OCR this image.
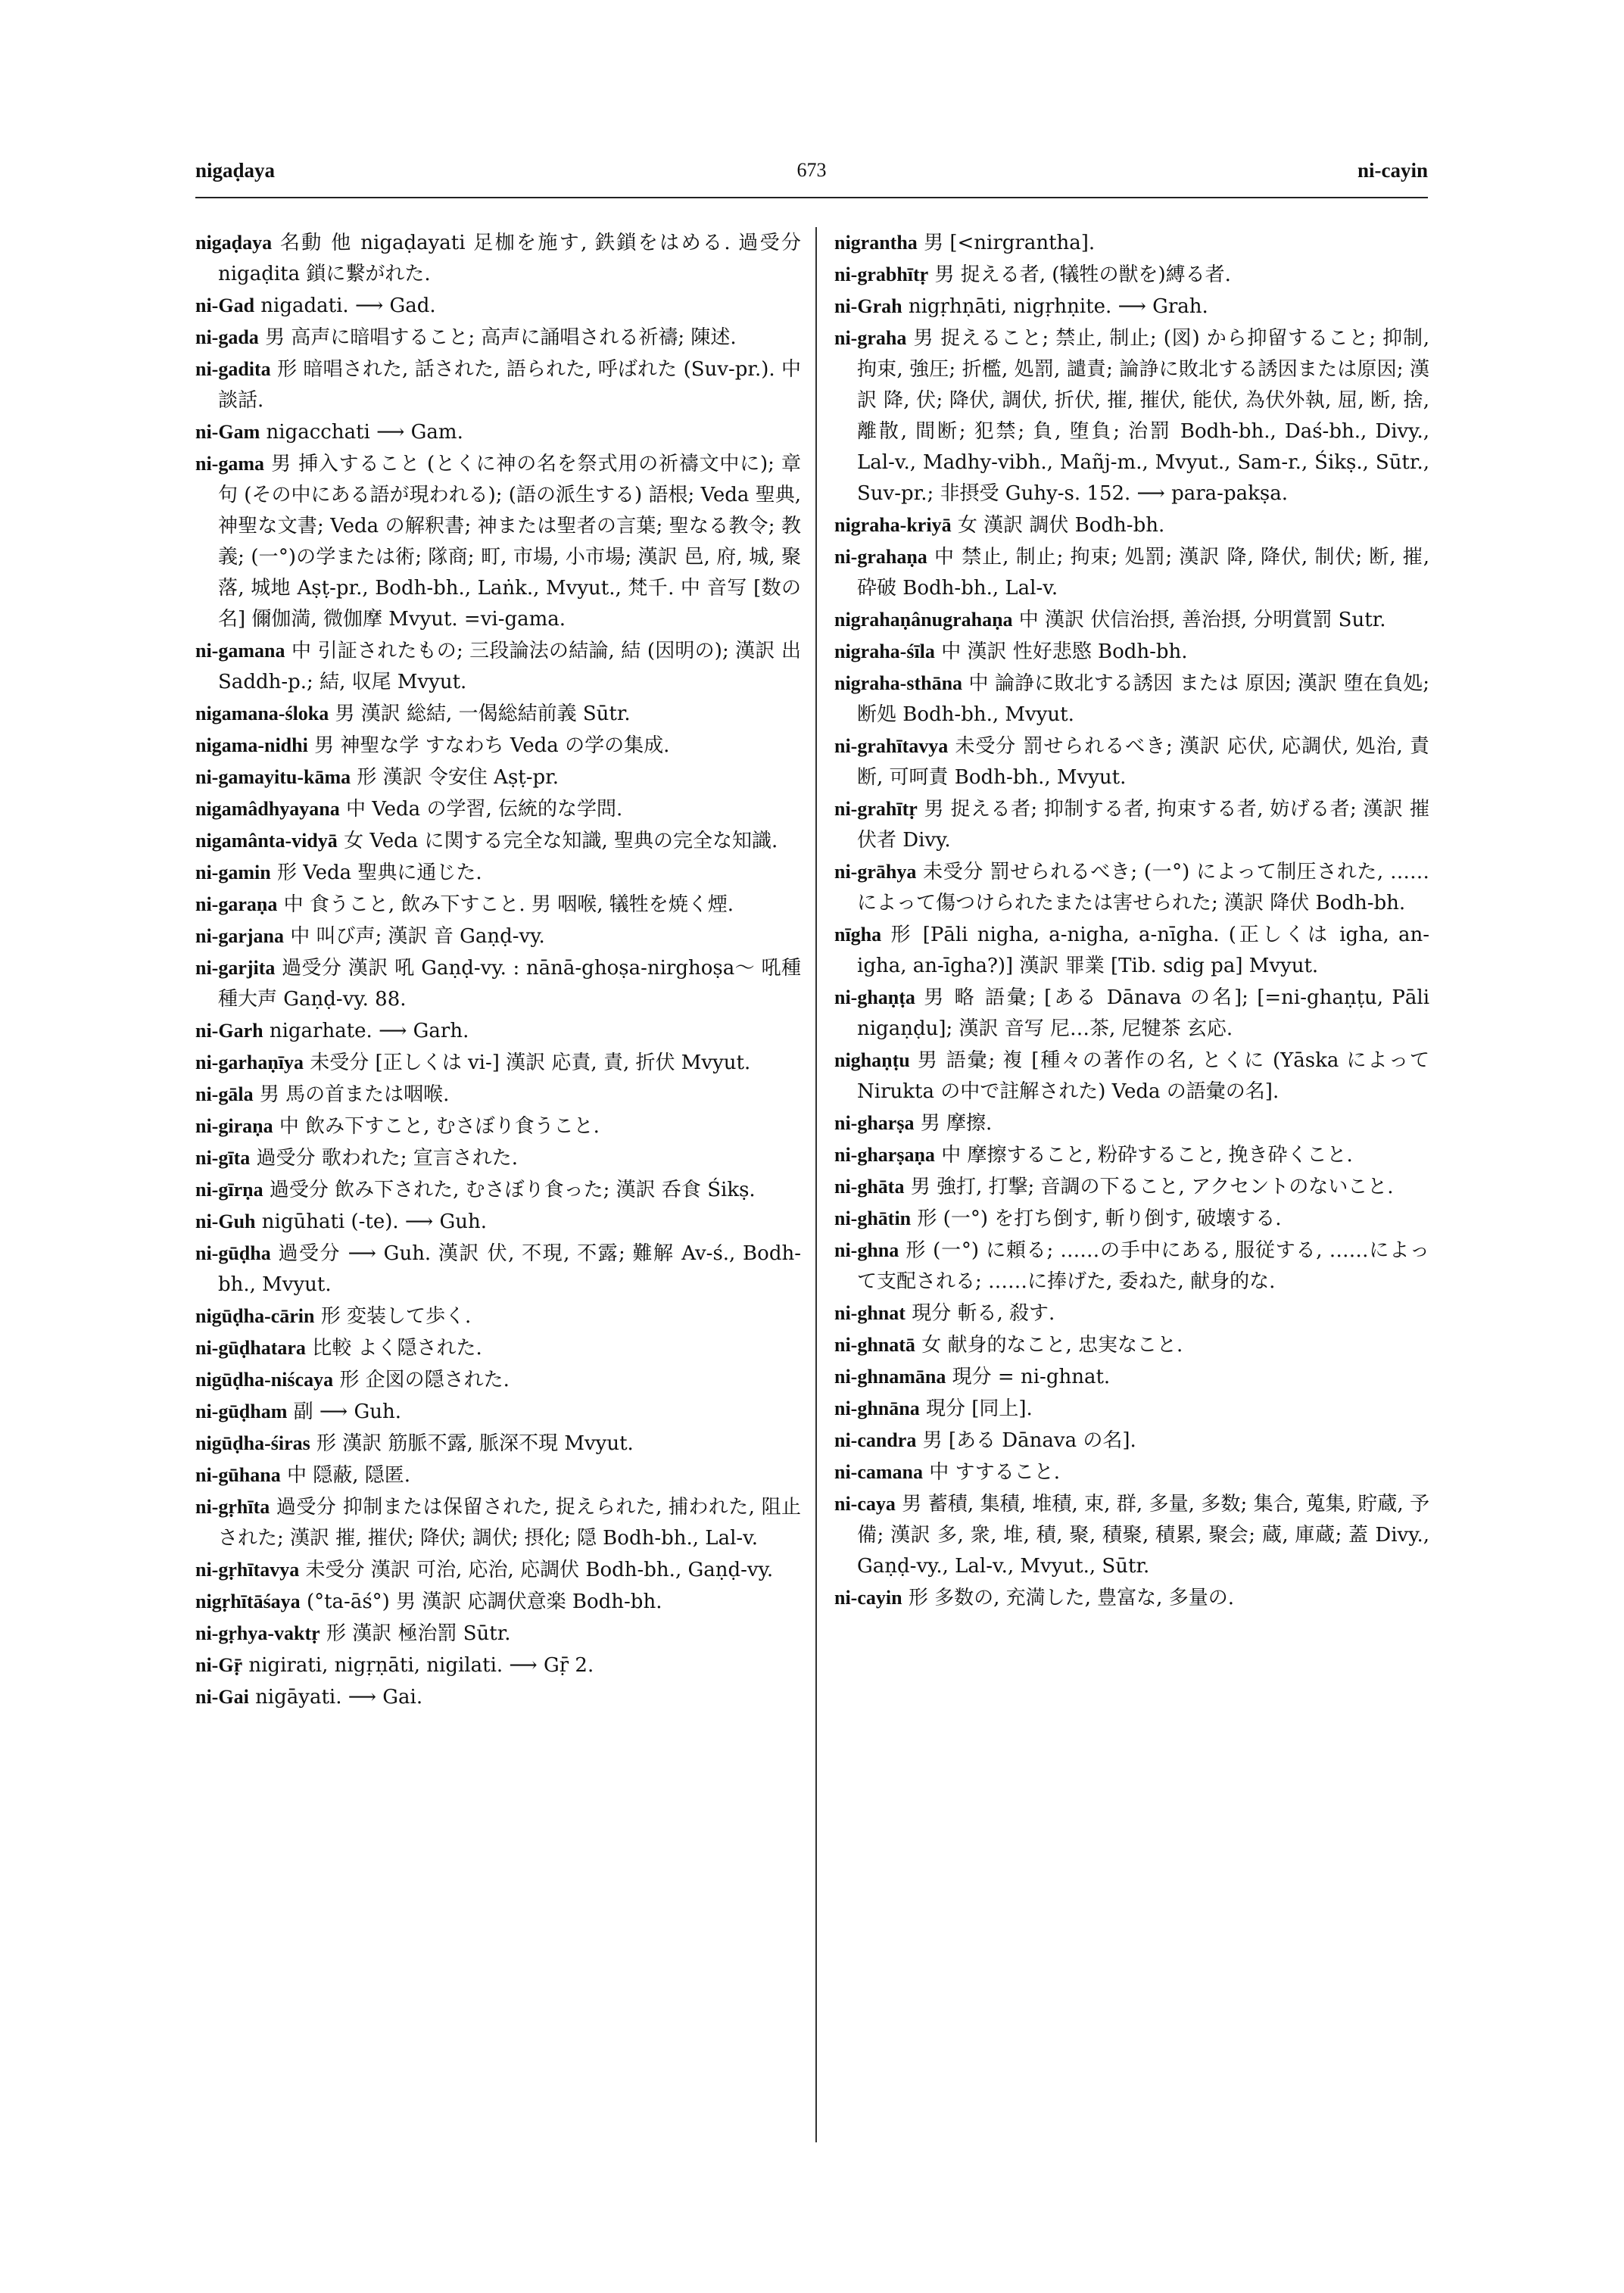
nigaḍaya	673	ni-cayin
nigaḍaya 名動 他 nigaḍayati 足枷を施す, 鉄鎖をはめる. 過受分 nigaḍita 鎖に繋がれた.
ni-Gad nigadati. ⟶ Gad.
ni-gada 男 高声に暗唱すること; 高声に誦唱される祈禱; 陳述.
ni-gadita 形 暗唱された, 話された, 語られた, 呼ばれた (Suv-pr.). 中 談話.
ni-Gam nigacchati ⟶ Gam.
ni-gama 男 挿入すること (とくに神の名を祭式用の祈禱文中に); 章句 (その中にある語が現われる); (語の派生する) 語根; Veda 聖典, 神聖な文書; Veda の解釈書; 神または聖者の言葉; 聖なる教令; 教義; (一°)の学または術; 隊商; 町, 市場, 小市場; 漢訳 邑, 府, 城, 聚落, 城地 Aṣṭ-pr., Bodh-bh., Laṅk., Mvyut., 梵千. 中 音写 [数の名] 儞伽満, 微伽摩 Mvyut. =vi-gama.
ni-gamana 中 引証されたもの; 三段論法の結論, 結 (因明の); 漢訳 出 Saddh-p.; 結, 収尾 Mvyut.
nigamana-śloka 男 漢訳 総結, 一偈総結前義 Sūtr.
nigama-nidhi 男 神聖な学 すなわち Veda の学の集成.
ni-gamayitu-kāma 形 漢訳 令安住 Aṣṭ-pr.
nigamâdhyayana 中 Veda の学習, 伝統的な学問.
nigamânta-vidyā 女 Veda に関する完全な知識, 聖典の完全な知識.
ni-gamin 形 Veda 聖典に通じた.
ni-garaṇa 中 食うこと, 飲み下すこと. 男 咽喉, 犠牲を焼く煙.
ni-garjana 中 叫び声; 漢訳 音 Gaṇḍ-vy.
ni-garjita 過受分 漢訳 吼 Gaṇḍ-vy. : nānā-ghoṣa-nirghoṣa～ 吼種種大声 Gaṇḍ-vy. 88.
ni-Garh nigarhate. ⟶ Garh.
ni-garhaṇīya 未受分 [正しくは vi-] 漢訳 応責, 責, 折伏 Mvyut.
ni-gāla 男 馬の首または咽喉.
ni-giraṇa 中 飲み下すこと, むさぼり食うこと.
ni-gīta 過受分 歌われた; 宣言された.
ni-gīrṇa 過受分 飲み下された, むさぼり食った; 漢訳 呑食 Śikṣ.
ni-Guh nigūhati (-te). ⟶ Guh.
ni-gūḍha 過受分 ⟶ Guh. 漢訳 伏, 不現, 不露; 難解 Av-ś., Bodh-bh., Mvyut.
nigūḍha-cārin 形 変装して歩く.
ni-gūḍhatara 比較 よく隠された.
nigūḍha-niścaya 形 企図の隠された.
ni-gūḍham 副 ⟶ Guh.
nigūḍha-śiras 形 漢訳 筋脈不露, 脈深不現 Mvyut.
ni-gūhana 中 隠蔽, 隠匿.
ni-gṛhīta 過受分 抑制または保留された, 捉えられた, 捕われた, 阻止された; 漢訳 摧, 摧伏; 降伏; 調伏; 摂化; 隠 Bodh-bh., Lal-v.
ni-gṛhītavya 未受分 漢訳 可治, 応治, 応調伏 Bodh-bh., Gaṇḍ-vy.
nigṛhītāśaya (°ta-āś°) 男 漢訳 応調伏意楽 Bodh-bh.
ni-gṛhya-vaktṛ 形 漢訳 極治罰 Sūtr.
ni-Gṝ nigirati, nigṛṇāti, nigilati. ⟶ Gṝ 2.
ni-Gai nigāyati. ⟶ Gai.
nigrantha 男 [<nirgrantha].
ni-grabhītṛ 男 捉える者, (犠牲の獣を)縛る者.
ni-Grah nigṛhṇāti, nigṛhṇite. ⟶ Grah.
ni-graha 男 捉えること; 禁止, 制止; (図) から抑留すること; 抑制, 拘束, 強圧; 折檻, 処罰, 譴責; 論諍に敗北する誘因または原因; 漢訳 降, 伏; 降伏, 調伏, 折伏, 摧, 摧伏, 能伏, 為伏外執, 屈, 断, 捨, 離散, 間断; 犯禁; 負, 堕負; 治罰 Bodh-bh., Daś-bh., Divy., Lal-v., Madhy-vibh., Mañj-m., Mvyut., Sam-r., Śikṣ., Sūtr., Suv-pr.; 非摂受 Guhy-s. 152. ⟶ para-pakṣa.
nigraha-kriyā 女 漢訳 調伏 Bodh-bh.
ni-grahaṇa 中 禁止, 制止; 拘束; 処罰; 漢訳 降, 降伏, 制伏; 断, 摧, 砕破 Bodh-bh., Lal-v.
nigrahaṇânugrahaṇa 中 漢訳 伏信治摂, 善治摂, 分明賞罰 Sutr.
nigraha-śīla 中 漢訳 性好悲愍 Bodh-bh.
nigraha-sthāna 中 論諍に敗北する誘因 または 原因; 漢訳 堕在負処; 断処 Bodh-bh., Mvyut.
ni-grahītavya 未受分 罰せられるべき; 漢訳 応伏, 応調伏, 処治, 責断, 可呵責 Bodh-bh., Mvyut.
ni-grahītṛ 男 捉える者; 抑制する者, 拘束する者, 妨げる者; 漢訳 摧伏者 Divy.
ni-grāhya 未受分 罰せられるべき; (一°) によって制圧された, ……によって傷つけられたまたは害せられた; 漢訳 降伏 Bodh-bh.
nīgha 形 [Pāli nigha, a-nigha, a-nīgha. (正しくは igha, an-igha, an-īgha?)] 漢訳 罪業 [Tib. sdig pa] Mvyut.
ni-ghaṇṭa 男 略 語彙; [ある Dānava の名]; [=ni-ghaṇṭu, Pāli nigaṇḍu]; 漢訳 音写 尼…茶, 尼犍茶 玄応.
nighaṇṭu 男 語彙; 複 [種々の著作の名, とくに (Yāska によって Nirukta の中で註解された) Veda の語彙の名].
ni-gharṣa 男 摩擦.
ni-gharṣaṇa 中 摩擦すること, 粉砕すること, 挽き砕くこと.
ni-ghāta 男 強打, 打撃; 音調の下ること, アクセントのないこと.
ni-ghātin 形 (一°) を打ち倒す, 斬り倒す, 破壊する.
ni-ghna 形 (一°) に頼る; ……の手中にある, 服従する, ……によって支配される; ……に捧げた, 委ねた, 献身的な.
ni-ghnat 現分 斬る, 殺す.
ni-ghnatā 女 献身的なこと, 忠実なこと.
ni-ghnamāna 現分 = ni-ghnat.
ni-ghnāna 現分 [同上].
ni-candra 男 [ある Dānava の名].
ni-camana 中 すすること.
ni-caya 男 蓄積, 集積, 堆積, 束, 群, 多量, 多数; 集合, 蒐集, 貯蔵, 予備; 漢訳 多, 衆, 堆, 積, 聚, 積聚, 積累, 聚会; 蔵, 庫蔵; 蓋 Divy., Gaṇḍ-vy., Lal-v., Mvyut., Sūtr.
ni-cayin 形 多数の, 充満した, 豊富な, 多量の.
